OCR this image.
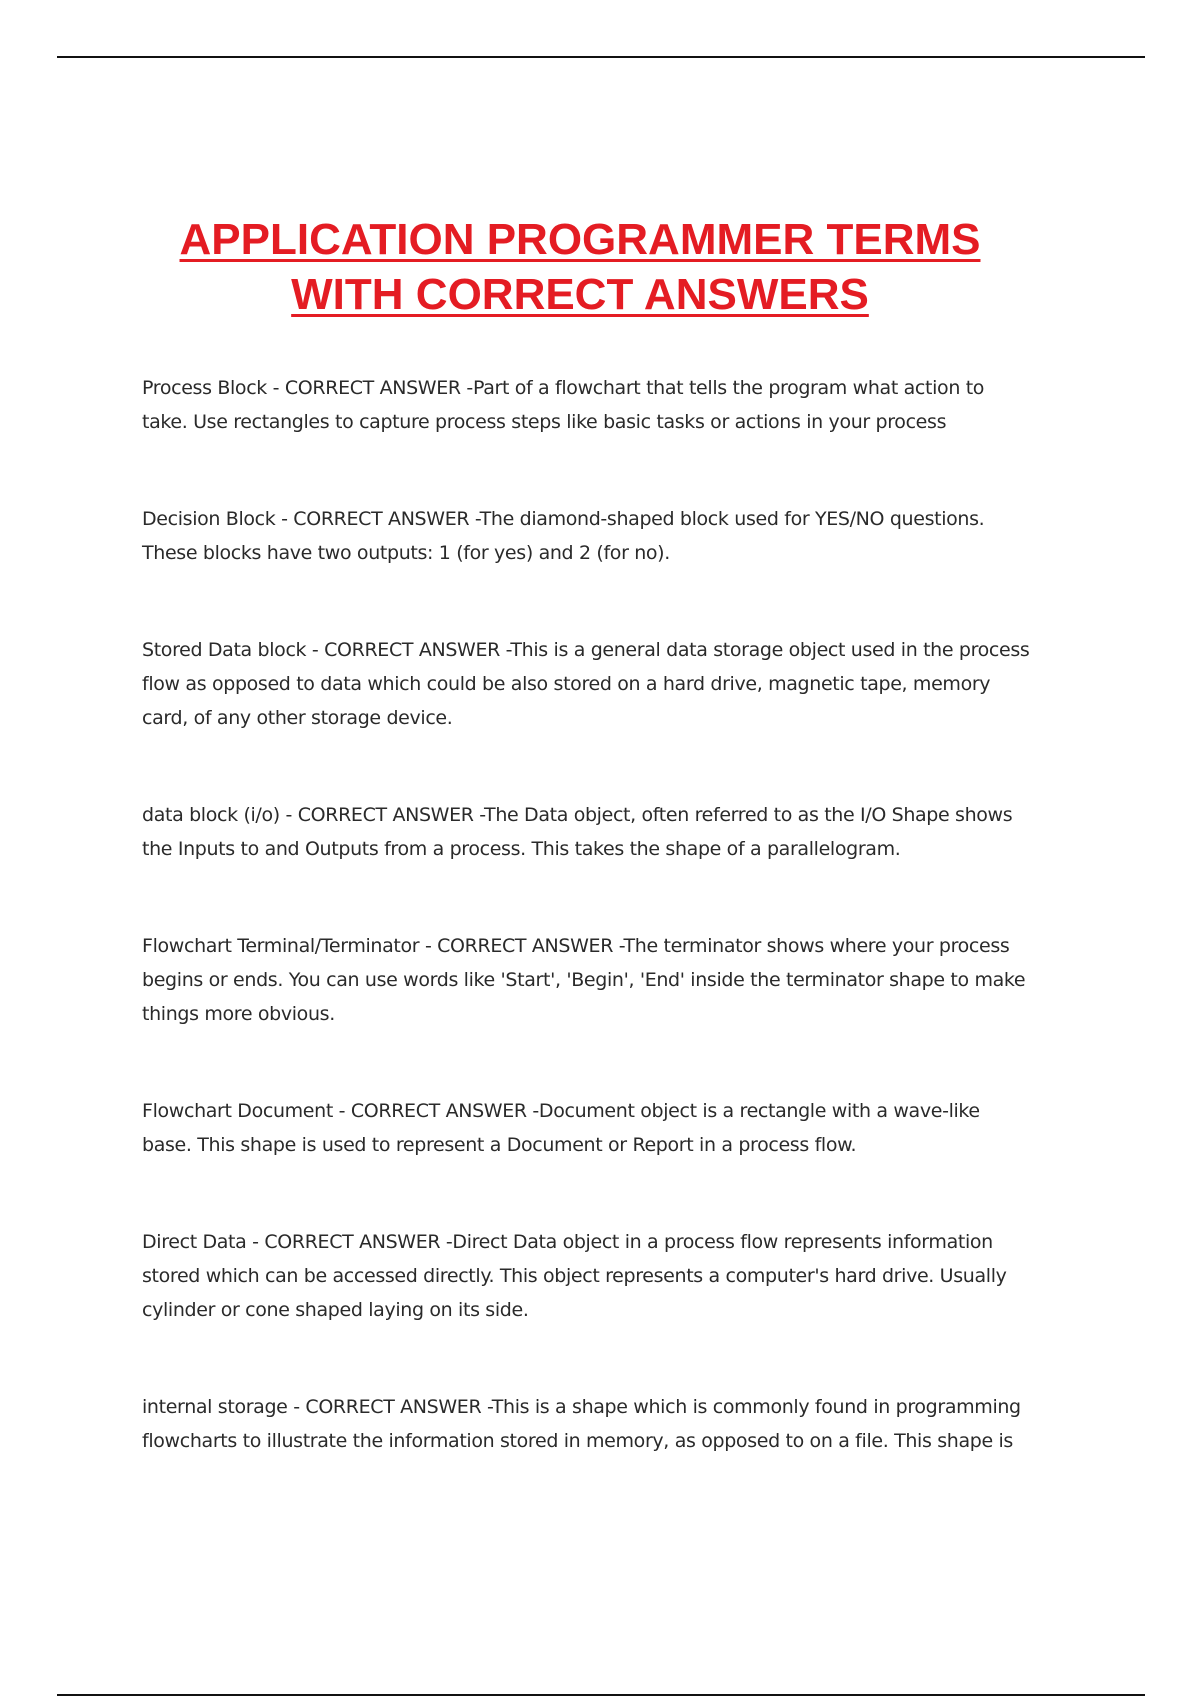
APPLICATION PROGRAMMER TERMS
WITH CORRECT ANSWERS
Process Block - CORRECT ANSWER -Part of a flowchart that tells the program what action to
take. Use rectangles to capture process steps like basic tasks or actions in your process
Decision Block - CORRECT ANSWER -The diamond-shaped block used for YES/NO questions.
These blocks have two outputs: 1 (for yes) and 2 (for no).
Stored Data block - CORRECT ANSWER -This is a general data storage object used in the process
flow as opposed to data which could be also stored on a hard drive, magnetic tape, memory
card, of any other storage device.
data block (i/o) - CORRECT ANSWER -The Data object, often referred to as the I/O Shape shows
the Inputs to and Outputs from a process. This takes the shape of a parallelogram.
Flowchart Terminal/Terminator - CORRECT ANSWER -The terminator shows where your process
begins or ends. You can use words like 'Start', 'Begin', 'End' inside the terminator shape to make
things more obvious.
Flowchart Document - CORRECT ANSWER -Document object is a rectangle with a wave-like
base. This shape is used to represent a Document or Report in a process flow.
Direct Data - CORRECT ANSWER -Direct Data object in a process flow represents information
stored which can be accessed directly. This object represents a computer's hard drive. Usually
cylinder or cone shaped laying on its side.
internal storage - CORRECT ANSWER -This is a shape which is commonly found in programming
flowcharts to illustrate the information stored in memory, as opposed to on a file. This shape is
